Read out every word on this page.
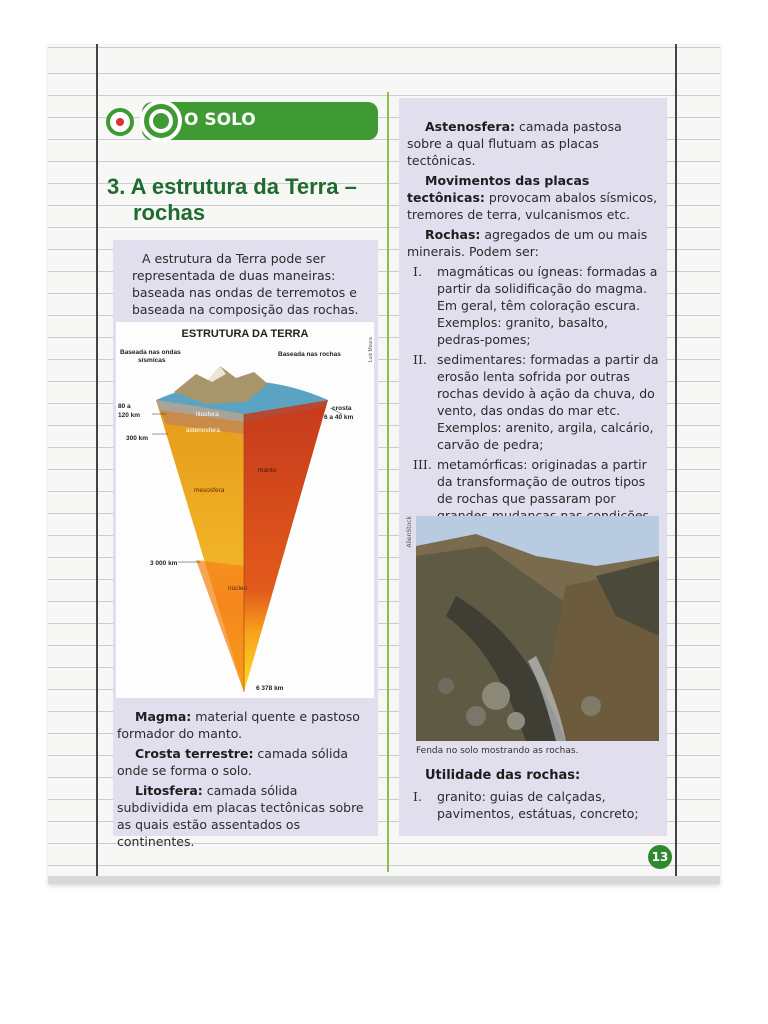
O SOLO
3. A estrutura da Terra –
rochas

A estrutura da Terra pode ser representada de duas maneiras: baseada nas ondas de terremotos e baseada na composição das rochas.

ESTRUTURA DA TERRA
Baseada nas ondas
sísmicas
Baseada nas rochas
80 a
120 km
300 km
3 000 km
6 378 km
crosta
6 a 40 km
litosfera
astenosfera
mesosfera
manto
núcleo
Luiz Moura

Magma: material quente e pastoso formador do manto.

Crosta terrestre: camada sólida onde se forma o solo.

Litosfera: camada sólida subdividida em placas tectônicas sobre as quais estão assentados os continentes.

Astenosfera: camada pastosa sobre a qual flutuam as placas tectônicas.

Movimentos das placas tectônicas: provocam abalos sísmicos, tremores de terra, vulcanismos etc.

Rochas: agregados de um ou mais minerais. Podem ser:

I. magmáticas ou ígneas: formadas a partir da solidificação do magma. Em geral, têm coloração escura. Exemplos: granito, basalto, pedras-pomes;
II. sedimentares: formadas a partir da erosão lenta sofrida por outras rochas devido à ação da chuva, do vento, das ondas do mar etc. Exemplos: arenito, argila, calcário, carvão de pedra;
III. metamórficas: originadas a partir da transformação de outros tipos de rochas que passaram por
AlienStock
Fenda no solo mostrando as rochas.
Utilidade das rochas:
I. granito: guias de calçadas, pavimentos, estátuas, concreto;
13
